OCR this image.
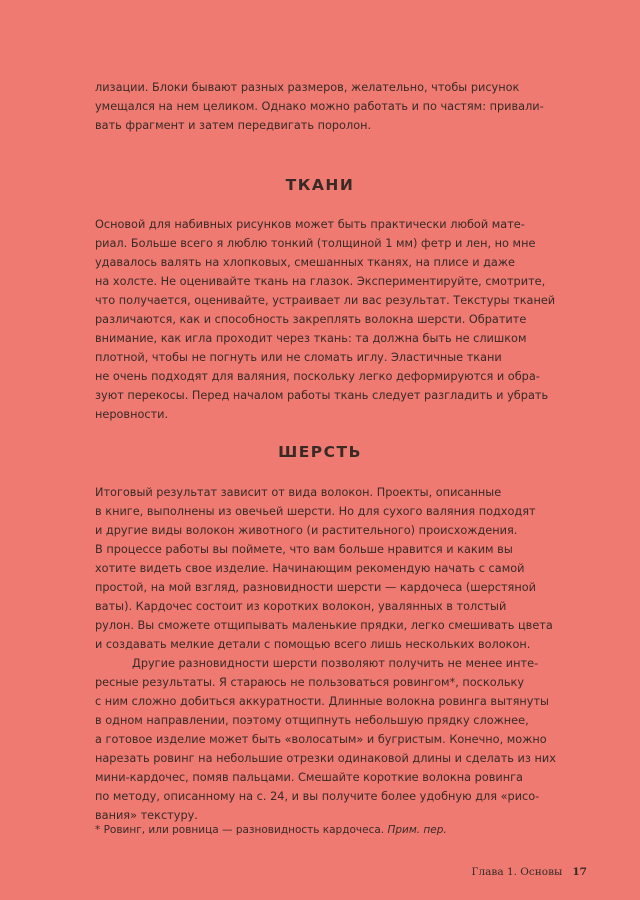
лизации. Блоки бывают разных размеров, желательно, чтобы рисунок
умещался на нем целиком. Однако можно работать и по частям: привали-
вать фрагмент и затем передвигать поролон.

ТКАНИ

Основой для набивных рисунков может быть практически любой мате-
риал. Больше всего я люблю тонкий (толщиной 1 мм) фетр и лен, но мне
удавалось валять на хлопковых, смешанных тканях, на плисе и даже
на холсте. Не оценивайте ткань на глазок. Экспериментируйте, смотрите,
что получается, оценивайте, устраивает ли вас результат. Текстуры тканей
различаются, как и способность закреплять волокна шерсти. Обратите
внимание, как игла проходит через ткань: та должна быть не слишком
плотной, чтобы не погнуть или не сломать иглу. Эластичные ткани
не очень подходят для валяния, поскольку легко деформируются и обра-
зуют перекосы. Перед началом работы ткань следует разгладить и убрать
неровности.

ШЕРСТЬ

Итоговый результат зависит от вида волокон. Проекты, описанные
в книге, выполнены из овечьей шерсти. Но для сухого валяния подходят
и другие виды волокон животного (и растительного) происхождения.
В процессе работы вы поймете, что вам больше нравится и каким вы
хотите видеть свое изделие. Начинающим рекомендую начать с самой
простой, на мой взгляд, разновидности шерсти — кардочеса (шерстяной
ваты). Кардочес состоит из коротких волокон, увалянных в толстый
рулон. Вы сможете отщипывать маленькие прядки, легко смешивать цвета
и создавать мелкие детали с помощью всего лишь нескольких волокон.
Другие разновидности шерсти позволяют получить не менее инте-
ресные результаты. Я стараюсь не пользоваться ровингом*, поскольку
с ним сложно добиться аккуратности. Длинные волокна ровинга вытянуты
в одном направлении, поэтому отщипнуть небольшую прядку сложнее,
а готовое изделие может быть «волосатым» и бугристым. Конечно, можно
нарезать ровинг на небольшие отрезки одинаковой длины и сделать из них
мини-кардочес, помяв пальцами. Смешайте короткие волокна ровинга
по методу, описанному на с. 24, и вы получите более удобную для «рисо-
вания» текстуру.

* Ровинг, или ровница — разновидность кардочеса. Прим. пер.
Глава 1. Основы 17
